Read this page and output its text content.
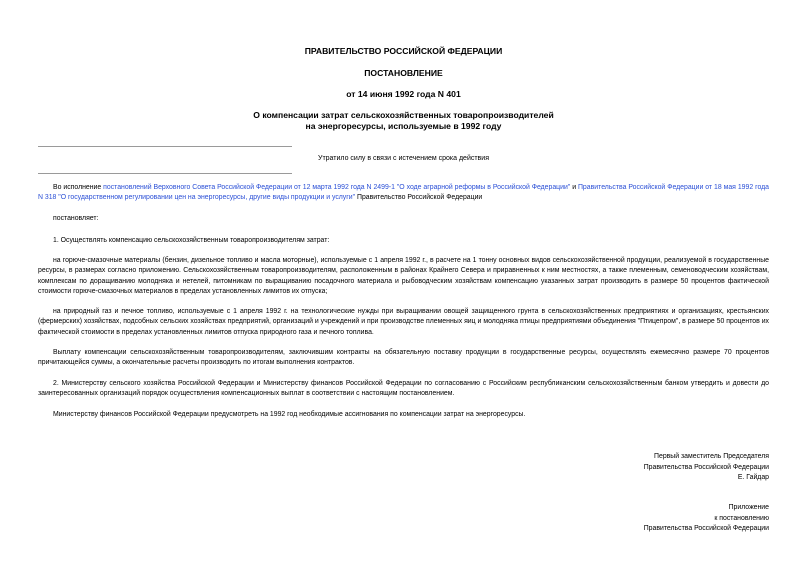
ПРАВИТЕЛЬСТВО РОССИЙСКОЙ ФЕДЕРАЦИИ
ПОСТАНОВЛЕНИЕ
от 14 июня 1992 года N 401
О компенсации затрат сельскохозяйственных товаропроизводителей
на энергоресурсы, используемые в 1992 году
Утратило силу в связи с истечением срока действия
Во исполнение постановлений Верховного Совета Российской Федерации от 12 марта 1992 года N 2499-1 "О ходе аграрной реформы в Российской Федерации" и Правительства Российской Федерации от 18 мая 1992 года N 318 "О государственном регулировании цен на энергоресурсы, другие виды продукции и услуги" Правительство Российской Федерации
постановляет:
1. Осуществлять компенсацию сельскохозяйственным товаропроизводителям затрат:
на горюче-смазочные материалы (бензин, дизельное топливо и масла моторные), используемые с 1 апреля 1992 г., в расчете на 1 тонну основных видов сельскохозяйственной продукции, реализуемой в государственные ресурсы, в размерах согласно приложению. Сельскохозяйственным товаропроизводителям, расположенным в районах Крайнего Севера и приравненных к ним местностях, а также племенным, семеноводческим хозяйствам, комплексам по доращиванию молодняка и нетелей, питомникам по выращиванию посадочного материала и рыбоводческим хозяйствам компенсацию указанных затрат производить в размере 50 процентов фактической стоимости горюче-смазочных материалов в пределах установленных лимитов их отпуска;
на природный газ и печное топливо, используемые с 1 апреля 1992 г. на технологические нужды при выращивании овощей защищенного грунта в сельскохозяйственных предприятиях и организациях, крестьянских (фермерских) хозяйствах, подсобных сельских хозяйствах предприятий, организаций и учреждений и при производстве племенных яиц и молодняка птицы предприятиями объединения "Птицепром", в размере 50 процентов их фактической стоимости в пределах установленных лимитов отпуска природного газа и печного топлива.
Выплату компенсации сельскохозяйственным товаропроизводителям, заключившим контракты на обязательную поставку продукции в государственные ресурсы, осуществлять ежемесячно размере 70 процентов причитающейся суммы, а окончательные расчеты производить по итогам выполнения контрактов.
2. Министерству сельского хозяйства Российской Федерации и Министерству финансов Российской Федерации по согласованию с Российским республиканским сельскохозяйственным банком утвердить и довести до заинтересованных организаций порядок осуществления компенсационных выплат в соответствии с настоящим постановлением.
Министерству финансов Российской Федерации предусмотреть на 1992 год необходимые ассигнования по компенсации затрат на энергоресурсы.
Первый заместитель Председателя
Правительства Российской Федерации
Е. Гайдар
Приложение
к постановлению
Правительства Российской Федерации
